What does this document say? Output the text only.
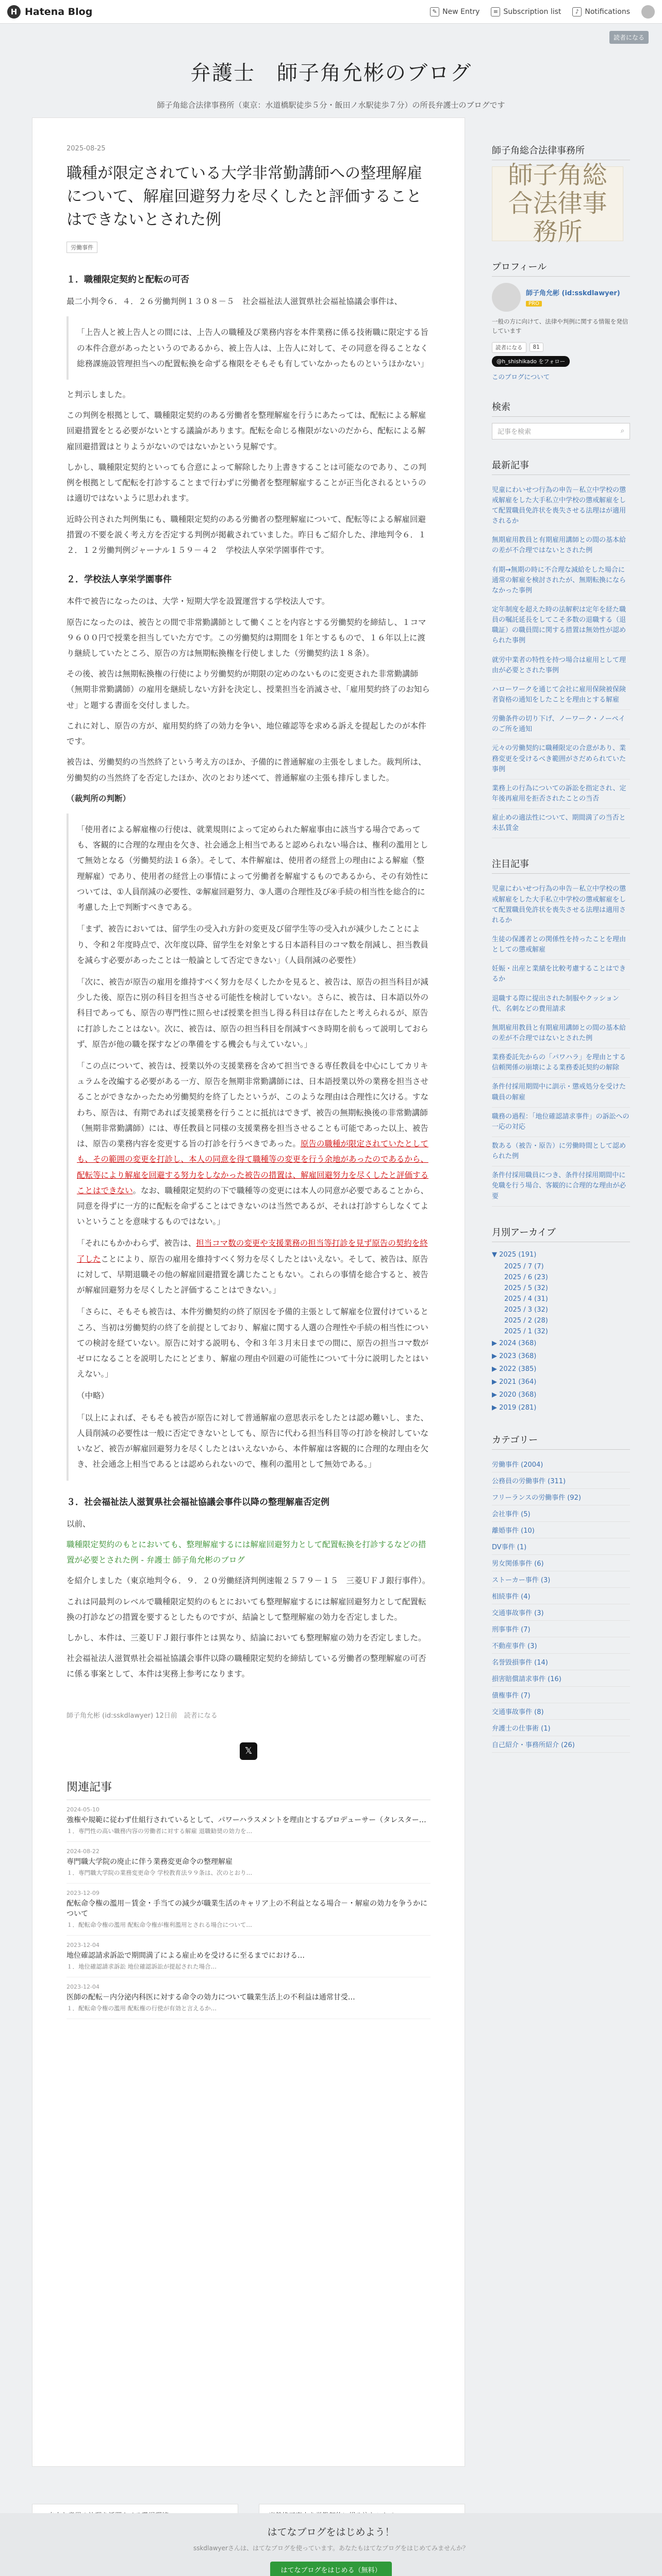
H Hatena Blog	✎ New Entry	≡ Subscription list	♪ Notifications
読者になる
弁護士　師子角允彬のブログ
師子角総合法律事務所（東京：水道橋駅徒歩５分・飯田ノ水駅徒歩７分）の所長弁護士のブログです
2025-08-25
職種が限定されている大学非常勤講師への整理解雇について、解雇回避努力を尽くしたと評価することはできないとされた例
労働事件
１．職種限定契約と配転の可否

最二小判令６．４．２６労働判例１３０８－５　社会福祉法人滋賀県社会福祉協議会事件は、

「上告人と被上告人との間には、上告人の職種及び業務内容を本件業務に係る技術職に限定する旨の本件合意があったというのであるから、被上告人は、上告人に対して、その同意を得ることなく総務課施設管理担当への配置転換を命ずる権限をそもそも有していなかったものというほかない」

と判示しました。

この判例を根拠として、職種限定契約のある労働者を整理解雇を行うにあたっては、配転による解雇回避措置をとる必要がないとする議論があります。配転を命じる権限がないのだから、配転による解雇回避措置はとりようがないのではないかという見解です。

しかし、職種限定契約といっても合意によって解除したり上書きすることは可能なのであり、この判例を根拠として配転を打診することまで行わずに労働者を整理解雇することが正当化されるというのは適切ではないように思われます。

近時公刊された判例集にも、職種限定契約のある労働者の整理解雇について、配転等による解雇回避措置の不要を説く考え方を否定する判例が掲載されていました。昨日もご紹介した、津地判令６．１２．１２労働判例ジャーナル１５９－４２　学校法人享栄学園事件です。

２．学校法人享栄学園事件

本件で被告になったのは、大学・短期大学を設置運営する学校法人です。

原告になったのは、被告との間で非常勤講師として働くことを内容とする労働契約を締結し、１コマ９６００円で授業を担当していた方です。この労働契約は期間を１年とするもので、１６年以上に渡り継続していたところ、原告の方は無期転換権を行使しました（労働契約法１８条）。

その後、被告は無期転換権の行使により労働契約が期限の定めのないものに変更された非常勤講師（無期非常勤講師）の雇用を継続しない方針を決定し、授業担当を消滅させ、「雇用契約終了のお知らせ」と題する書面を交付しました。

これに対し、原告の方が、雇用契約終了の効力を争い、地位確認等を求める訴えを提起したのが本件です。

被告は、労働契約の当然終了という考え方のほか、予備的に普通解雇の主張をしました。裁判所は、労働契約の当然終了を否定したほか、次のとおり述べて、普通解雇の主張も排斥しました。

（裁判所の判断）

「使用者による解雇権の行使は、就業規則によって定められた解雇事由に該当する場合であっても、客観的に合理的な理由を欠き、社会通念上相当であると認められない場合は、権利の濫用として無効となる（労働契約法１６条）。そして、本件解雇は、使用者の経営上の理由による解雇（整理解雇）であり、使用者の経営上の事情によって労働者を解雇するものであるから、その有効性については、①人員削減の必要性、②解雇回避努力、③人選の合理性及び④手続の相当性を総合的に考慮した上で判断すべきである。

「まず、被告においては、留学生の受入れ方針の変更及び留学生等の受入れが減少したことにより、令和２年度時点で、次年度以降、留学生を対象とする日本語科目のコマ数を削減し、担当教員を減らす必要があったことは一般論として否定できない」（人員削減の必要性）

「次に、被告が原告の雇用を維持すべく努力を尽くしたかを見ると、被告は、原告の担当科目が減少した後、原告に別の科目を担当させる可能性を検討していない。さらに、被告は、日本語以外の科目であっても、原告の専門性に照らせば授業を担当し得る科目は存在したと考えられるが、原告に打診したことはない。次に、被告は、原告の担当科目を削減すべき時期を前もって説明しておらず、原告が他の職を探すなどの準備をする機会も与えていない。」

「この点について、被告は、授業以外の支援業務を含めて担当できる専任教員を中心にしてカリキュラムを改編する必要がある一方、原告を無期非常勤講師には、日本語授業以外の業務を担当させることができなかったため労働契約を終了したというが、このような理由は合理性に欠ける。すなわち、原告は、有期であれば支援業務を行うことに抵抗はできず、被告の無期転換後の非常勤講師（無期非常勤講師）には、専任教員と同様の支援業務を担当させることも可能であった以上、被告は、原告の業務内容を変更する旨の打診を行うべきであった。原告の職種が限定されていたとしても、その範囲の変更を打診し、本人の同意を得て職種等の変更を行う余地があったのであるから、配転等により解雇を回避する努力をしなかった被告の措置は、解雇回避努力を尽くしたと評価することはできない。なお、職種限定契約の下で職種等の変更には本人の同意が必要であることから、同意を得ずに一方的に配転を命ずることはできないのは当然であるが、それは打診すらしなくてよいということを意味するものではない。」

「それにもかかわらず、被告は、担当コマ数の変更や支援業務の担当等打診を見ず原告の契約を終了したことにより、原告の雇用を維持すべく努力を尽くしたとはいえない。そして、被告は、原告に対して、早期退職その他の解雇回避措置を講じたこともない。これらの事情を総合すると、被告が解雇回避努力を尽くしたと評価することはできない。」

「さらに、そもそも被告は、本件労働契約の終了原因を予備的主張として解雇を位置付けているところ、当初は労働契約の終了を前提としており、解雇に関する人選の合理性や手続の相当性についての検討を経ていない。原告に対する説明も、令和３年３月末日までの間に、原告の担当コマ数がゼロになることを説明したにとどまり、解雇の理由や回避の可能性について十分に説明したとはいえない。」

（中略）

「以上によれば、そもそも被告が原告に対して普通解雇の意思表示をしたとは認め難いし、また、人員削減の必要性は一般に否定できないとしても、原告に代わる担当科目等の打診を検討していないなど、被告が解雇回避努力を尽くしたとはいえないから、本件解雇は客観的に合理的な理由を欠き、社会通念上相当であるとは認められないので、権利の濫用として無効である。」

３．社会福祉法人滋賀県社会福祉協議会事件以降の整理解雇否定例

以前、

職種限定契約のもとにおいても、整理解雇するには解雇回避努力として配置転換を打診するなどの措置が必要とされた例 - 弁護士 師子角允彬のブログ

を紹介しました（東京地判令６．９．２０労働経済判例速報２５７９－１５　三菱ＵＦＪ銀行事件）。

これは同最判のレベルで職種限定契約のもとにおいても整理解雇するには解雇回避努力として配置転換の打診などの措置を要するとしたものですが、結論として整理解雇の効力を否定しました。

しかし、本件は、三菱ＵＦＪ銀行事件とは異なり、結論においても整理解雇の効力を否定しました。

社会福祉法人滋賀県社会福祉協議会事件以降の職種限定契約を締結している労働者の整理解雇の可否に係る事案として、本件は実務上参考になります。

師子角允彬 (id:sskdlawyer) 12日前　読者になる
𝕏
関連記事
2024-05-10
強権や規範に従わず仕組行されているとして、パワーハラスメントを理由とするプロデューサー（タレスター…
１．専門性の高い職務内容の労働者に対する解雇 退職勧奨の効力を…
2024-08-22
専門職大学院の廃止に伴う業務変更命令の整理解雇
１．専門職大学院の業務変更命令 学校教育法９９条は、次のとおり…
2023-12-09
配転命令権の濫用－賃金・手当ての減少が職業生活のキャリア上の不利益となる場合－・解雇の効力を争うかについて
１．配転命令権の濫用 配転命令権が権利濫用とされる場合について…
2023-12-04
地位確認請求訴訟で期間満了による雇止めを受けるに至るまでにおける…
１．地位確認請求訴訟 地位確認訴訟が提起された場合…
2023-12-04
医師の配転－内分泌内科医に対する命令の効力について職業生活上の不利益は通常甘受…
１．配転命令権の濫用 配転権の行使が有効と言えるか…
師子角総合法律事務所
師子角総合法律事務所
プロフィール
師子角允彬 (id:sskdlawyer)
PRO
一般の方に向けて、法律や判例に関する情報を発信しています
読者になる	81
@h_shishikado をフォロー
このブログについて
検索
記事を検索	⌕
最新記事
児童にわいせつ行為の申告－私立中学校の懲戒解雇をした大手私立中学校の懲戒解雇をして配置職員免許状を喪失させる法理はが適用されるか
無期雇用教員と有期雇用講師との間の基本給の差が不合理ではないとされた例
有期→無期の時に不合理な減給をした場合に通常の解雇を検討されたが、無期転換にならなかった事例
定年制度を超えた時の法解釈は定年を経た職員の嘱託延長をしてこそ多数の退職する（退職証）の職員間に関する措置は無効性が認められた事例
就労中業者の特性を持つ場合は雇用として理由が必要とされた事例
ハローワークを通じて会社に雇用保険被保険者資格の通知をしたことを理由とする解雇
労働条件の切り下げ、ノーワーク・ノーペイのご所を通知
元々の労働契約に職種限定の合意があり、業務変更を受けるべき範囲がさだめられていた事例
業務上の行為についての訴訟を指定され、定年後再雇用を拒否されたことの当否
雇止めの適法性について、期間満了の当否と未払賃金
注目記事
児童にわいせつ行為の申告－私立中学校の懲戒解雇をした大手私立中学校の懲戒解雇をして配置職員免許状を喪失させる法理は適用されるか
生徒の保護者との関係性を持ったことを理由としての懲戒解雇
妊娠・出産と業績を比較考慮することはできるか
退職する際に提出された制服やクッション代、名刺などの費用請求
無期雇用教員と有期雇用講師との間の基本給の差が不合理ではないとされた例
業務委託先からの「パワハラ」を理由とする信頼関係の崩壊による業務委託契約の解除
条件付採用期間中に訓示・懲戒処分を受けた職員の解雇
職務の過程：「地位確認請求事件」の訴訟への一応の対応
数ある（被告・原告）に労働時間として認められた例
条件付採用職員につき、条件付採用期間中に免職を行う場合、客観的に合理的な理由が必要
月別アーカイブ
▼ 2025 (191)
2025 / 7 (7)
2025 / 6 (23)
2025 / 5 (32)
2025 / 4 (31)
2025 / 3 (32)
2025 / 2 (28)
2025 / 1 (32)
▶ 2024 (368)
▶ 2023 (368)
▶ 2022 (385)
▶ 2021 (364)
▶ 2020 (368)
▶ 2019 (281)
カテゴリー
労働事件 (2004)
公務員の労働事件 (311)
フリーランスの労働事件 (92)
会社事件 (5)
離婚事件 (10)
DV事件 (1)
男女関係事件 (6)
ストーカー事件 (3)
相続事件 (4)
交通事故事件 (3)
刑事事件 (7)
不動産事件 (3)
名誉毀損事件 (14)
損害賠償請求事件 (16)
債権事件 (7)
交通事故事件 (8)
弁護士の仕事術 (1)
自己紹介・事務所紹介 (26)
はてなブログをはじめよう！
sskdlawyerさんは、はてなブログを使っています。あなたもはてなブログをはじめてみませんか？
はてなブログをはじめる（無料）
